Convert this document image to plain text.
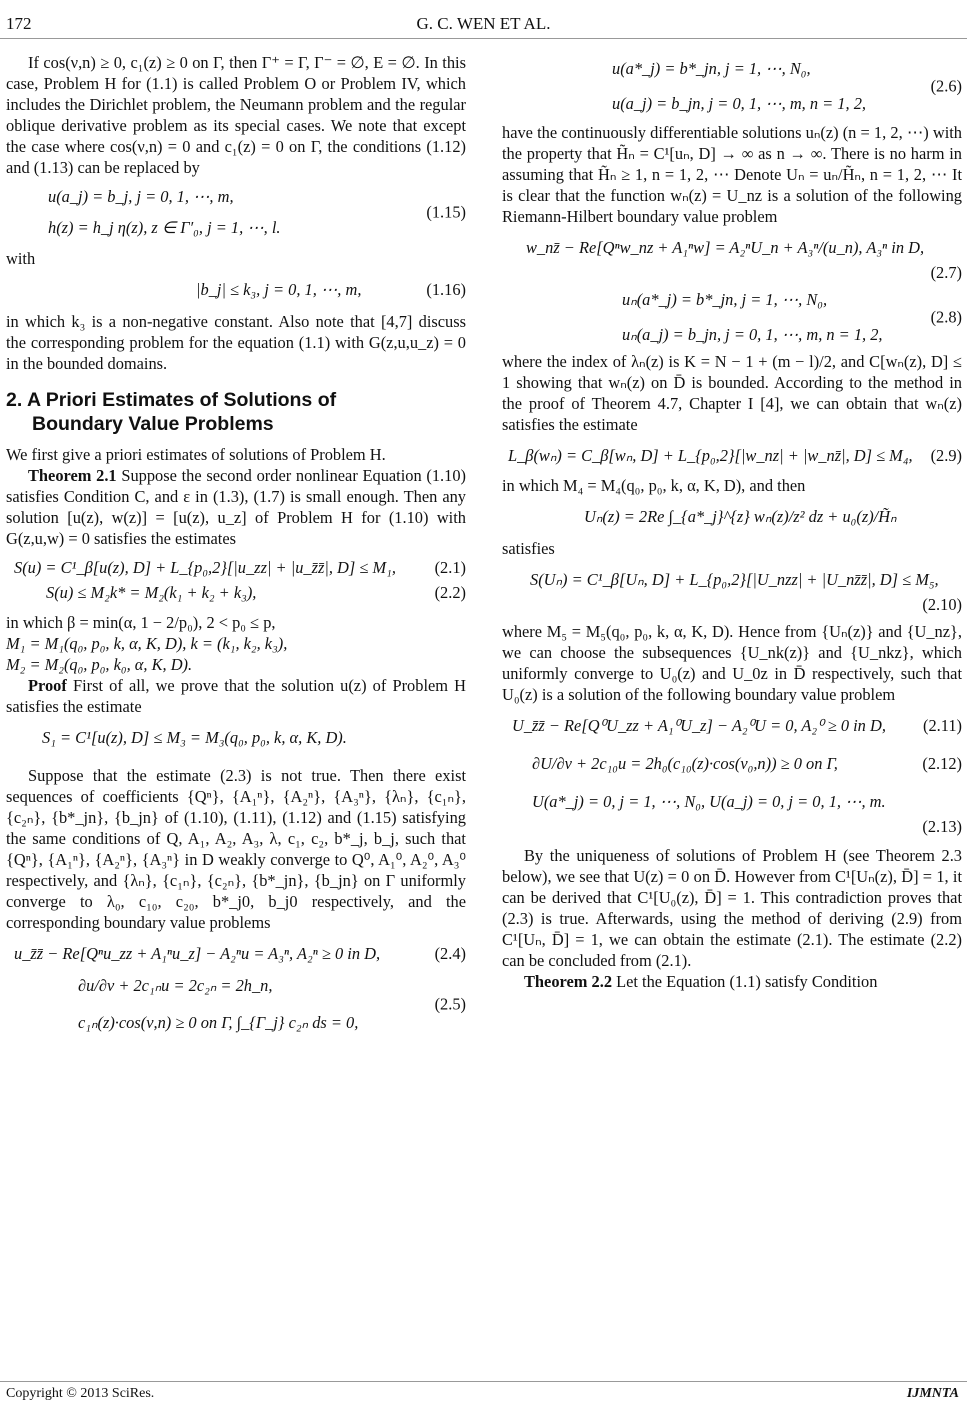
172	G. C. WEN ET AL.

If cos(ν,n) ≥ 0, c₁(z) ≥ 0 on Γ, then Γ⁺ = Γ, Γ⁻ = ∅, E = ∅. In this case, Problem H for (1.1) is called Problem O or Problem IV, which includes the Dirichlet problem, the Neumann problem and the regular oblique derivative problem as its special cases. We note that except the case where cos(ν,n) = 0 and c₁(z) = 0 on Γ, the conditions (1.12) and (1.13) can be replaced by

u(a_j) = b_j, j = 0, 1, ⋯, m,
h(z) = h_j η(z), z ∈ Γ′₀, j = 1, ⋯, l.
(1.15)

with

|b_j| ≤ k₃, j = 0, 1, ⋯, m,	(1.16)

in which k₃ is a non-negative constant. Also note that [4,7] discuss the corresponding problem for the equation (1.1) with G(z,u,u_z) = 0 in the bounded domains.

2. A Priori Estimates of Solutions of
Boundary Value Problems

We first give a priori estimates of solutions of Problem H.

Theorem 2.1 Suppose the second order nonlinear Equation (1.10) satisfies Condition C, and ε in (1.3), (1.7) is small enough. Then any solution [u(z), w(z)] = [u(z), u_z] of Problem H for (1.10) with G(z,u,w) = 0 satisfies the estimates

S(u) = C¹_β[u(z), D] + L_{p₀,2}[|u_zz| + |u_z̄z̄|, D] ≤ M₁, (2.1)
S(u) ≤ M₂k* = M₂(k₁ + k₂ + k₃),	(2.2)
in which β = min(α, 1 − 2/p₀), 2 < p₀ ≤ p,
M₁ = M₁(q₀, p₀, k, α, K, D), k = (k₁, k₂, k₃),
M₂ = M₂(q₀, p₀, k₀, α, K, D).

Proof First of all, we prove that the solution u(z) of Problem H satisfies the estimate

S₁ = C¹[u(z), D] ≤ M₃ = M₃(q₀, p₀, k, α, K, D).

Suppose that the estimate (2.3) is not true. Then there exist sequences of coefficients {Qⁿ}, {A₁ⁿ}, {A₂ⁿ}, {A₃ⁿ}, {λₙ}, {c₁ₙ}, {c₂ₙ}, {b*_jn}, {b_jn} of (1.10), (1.11), (1.12) and (1.15) satisfying the same conditions of Q, A₁, A₂, A₃, λ, c₁, c₂, b*_j, b_j, such that {Qⁿ}, {A₁ⁿ}, {A₂ⁿ}, {A₃ⁿ} in D weakly converge to Q⁰, A₁⁰, A₂⁰, A₃⁰ respectively, and {λₙ}, {c₁ₙ}, {c₂ₙ}, {b*_jn}, {b_jn} on Γ uniformly converge to λ₀, c₁₀, c₂₀, b*_j0, b_j0 respectively, and the corresponding boundary value problems

u_z̄z̄ − Re[Qⁿu_zz + A₁ⁿu_z] − A₂ⁿu = A₃ⁿ, A₂ⁿ ≥ 0 in D,	(2.4)
∂u/∂ν + 2c₁ₙu = 2c₂ₙ = 2h_n,
c₁ₙ(z)·cos(ν,n) ≥ 0 on Γ, ∫_{Γ_j} c₂ₙ ds = 0,
(2.5)
u(a*_j) = b*_jn, j = 1, ⋯, N₀,
u(a_j) = b_jn, j = 0, 1, ⋯, m, n = 1, 2,
(2.6)

have the continuously differentiable solutions uₙ(z) (n = 1, 2, ⋯) with the property that H̃ₙ = C¹[uₙ, D] → ∞ as n → ∞. There is no harm in assuming that H̃ₙ ≥ 1, n = 1, 2, ⋯ Denote Uₙ = uₙ/H̃ₙ, n = 1, 2, ⋯ It is clear that the function wₙ(z) = U_nz is a solution of the following Riemann-Hilbert boundary value problem

w_nz̄ − Re[Qⁿw_nz + A₁ⁿw] = A₂ⁿU_n + A₃ⁿ/(u_n), A₃ⁿ in D,
(2.7)
uₙ(a*_j) = b*_jn, j = 1, ⋯, N₀,
uₙ(a_j) = b_jn, j = 0, 1, ⋯, m, n = 1, 2,
(2.8)

where the index of λₙ(z) is K = N − 1 + (m − l)/2, and C[wₙ(z), D] ≤ 1 showing that wₙ(z) on D̄ is bounded. According to the method in the proof of Theorem 4.7, Chapter I [4], we can obtain that wₙ(z) satisfies the estimate

L_β(wₙ) = C_β[wₙ, D] + L_{p₀,2}[|w_nz| + |w_nz̄|, D] ≤ M₄, (2.9)

in which M₄ = M₄(q₀, p₀, k, α, K, D), and then

Uₙ(z) = 2Re ∫_{a*_j}^{z} wₙ(z)/z² dz + u₀(z)/H̃ₙ

satisfies

S(Uₙ) = C¹_β[Uₙ, D] + L_{p₀,2}[|U_nzz| + |U_nz̄z̄|, D] ≤ M₅,
(2.10)

where M₅ = M₅(q₀, p₀, k, α, K, D). Hence from {Uₙ(z)} and {U_nz}, we can choose the subsequences {U_nk(z)} and {U_nkz}, which uniformly converge to U₀(z) and U_0z in D̄ respectively, such that U₀(z) is a solution of the following boundary value problem

U_z̄z̄ − Re[Q⁰U_zz + A₁⁰U_z] − A₂⁰U = 0, A₂⁰ ≥ 0 in D, (2.11)
∂U/∂ν + 2c₁₀u = 2h₀(c₁₀(z)·cos(ν₀,n)) ≥ 0 on Γ,	(2.12)
U(a*_j) = 0, j = 1, ⋯, N₀, U(a_j) = 0, j = 0, 1, ⋯, m.
(2.13)

By the uniqueness of solutions of Problem H (see Theorem 2.3 below), we see that U(z) = 0 on D̄. However from C¹[Uₙ(z), D̄] = 1, it can be derived that C¹[U₀(z), D̄] = 1. This contradiction proves that (2.3) is true. Afterwards, using the method of deriving (2.9) from C¹[Uₙ, D̄] = 1, we can obtain the estimate (2.1). The estimate (2.2) can be concluded from (2.1).

Theorem 2.2 Let the Equation (1.1) satisfy Condition

Copyright © 2013 SciRes.	IJMNTA
